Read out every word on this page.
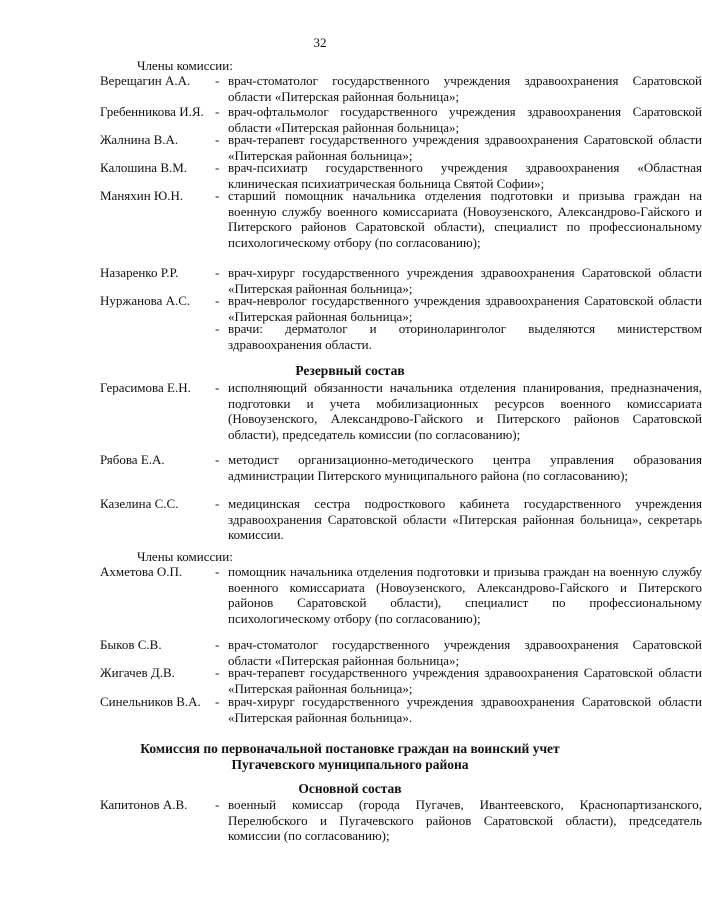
32
Члены комиссии:
Верещагин А.А.	- врач-стоматолог государственного учреждения здравоохранения Саратовской области «Питерская районная больница»;
Гребенникова И.Я.	- врач-офтальмолог государственного учреждения здравоохранения Саратовской области «Питерская районная больница»;
Жалнина В.А.	- врач-терапевт государственного учреждения здравоохранения Саратовской области «Питерская районная больница»;
Калошина В.М.	- врач-психиатр государственного учреждения здравоохранения «Областная клиническая психиатрическая больница Святой Софии»;
Маняхин Ю.Н.	- старший помощник начальника отделения подготовки и призыва граждан на военную службу военного комиссариата (Новоузенского, Александрово-Гайского и Питерского районов Саратовской области), специалист по профессиональному психологическому отбору (по согласованию);
Назаренко Р.Р.	- врач-хирург государственного учреждения здравоохранения Саратовской области «Питерская районная больница»;
Нуржанова А.С.	- врач-невролог государственного учреждения здравоохранения Саратовской области «Питерская районная больница»;
- врачи: дерматолог и оториноларинголог выделяются министерством здравоохранения области.
Резервный состав
Герасимова Е.Н.	- исполняющий обязанности начальника отделения планирования, предназначения, подготовки и учета мобилизационных ресурсов военного комиссариата (Новоузенского, Александрово-Гайского и Питерского районов Саратовской области), председатель комиссии (по согласованию);
Рябова Е.А.	- методист организационно-методического центра управления образования администрации Питерского муниципального района (по согласованию);
Казелина С.С.	- медицинская сестра подросткового кабинета государственного учреждения здравоохранения Саратовской области «Питерская районная больница», секретарь комиссии.
Члены комиссии:
Ахметова О.П.	- помощник начальника отделения подготовки и призыва граждан на военную службу военного комиссариата (Новоузенского, Александрово-Гайского и Питерского районов Саратовской области), специалист по профессиональному психологическому отбору (по согласованию);
Быков С.В.	- врач-стоматолог государственного учреждения здравоохранения Саратовской области «Питерская районная больница»;
Жигачев Д.В.	- врач-терапевт государственного учреждения здравоохранения Саратовской области «Питерская районная больница»;
Синельников В.А.	- врач-хирург государственного учреждения здравоохранения Саратовской области «Питерская районная больница».
Комиссия по первоначальной постановке граждан на воинский учет
Пугачевского муниципального района
Основной состав
Капитонов А.В.	- военный комиссар (города Пугачев, Ивантеевского, Краснопартизанского, Перелюбского и Пугачевского районов Саратовской области), председатель комиссии (по согласованию);
